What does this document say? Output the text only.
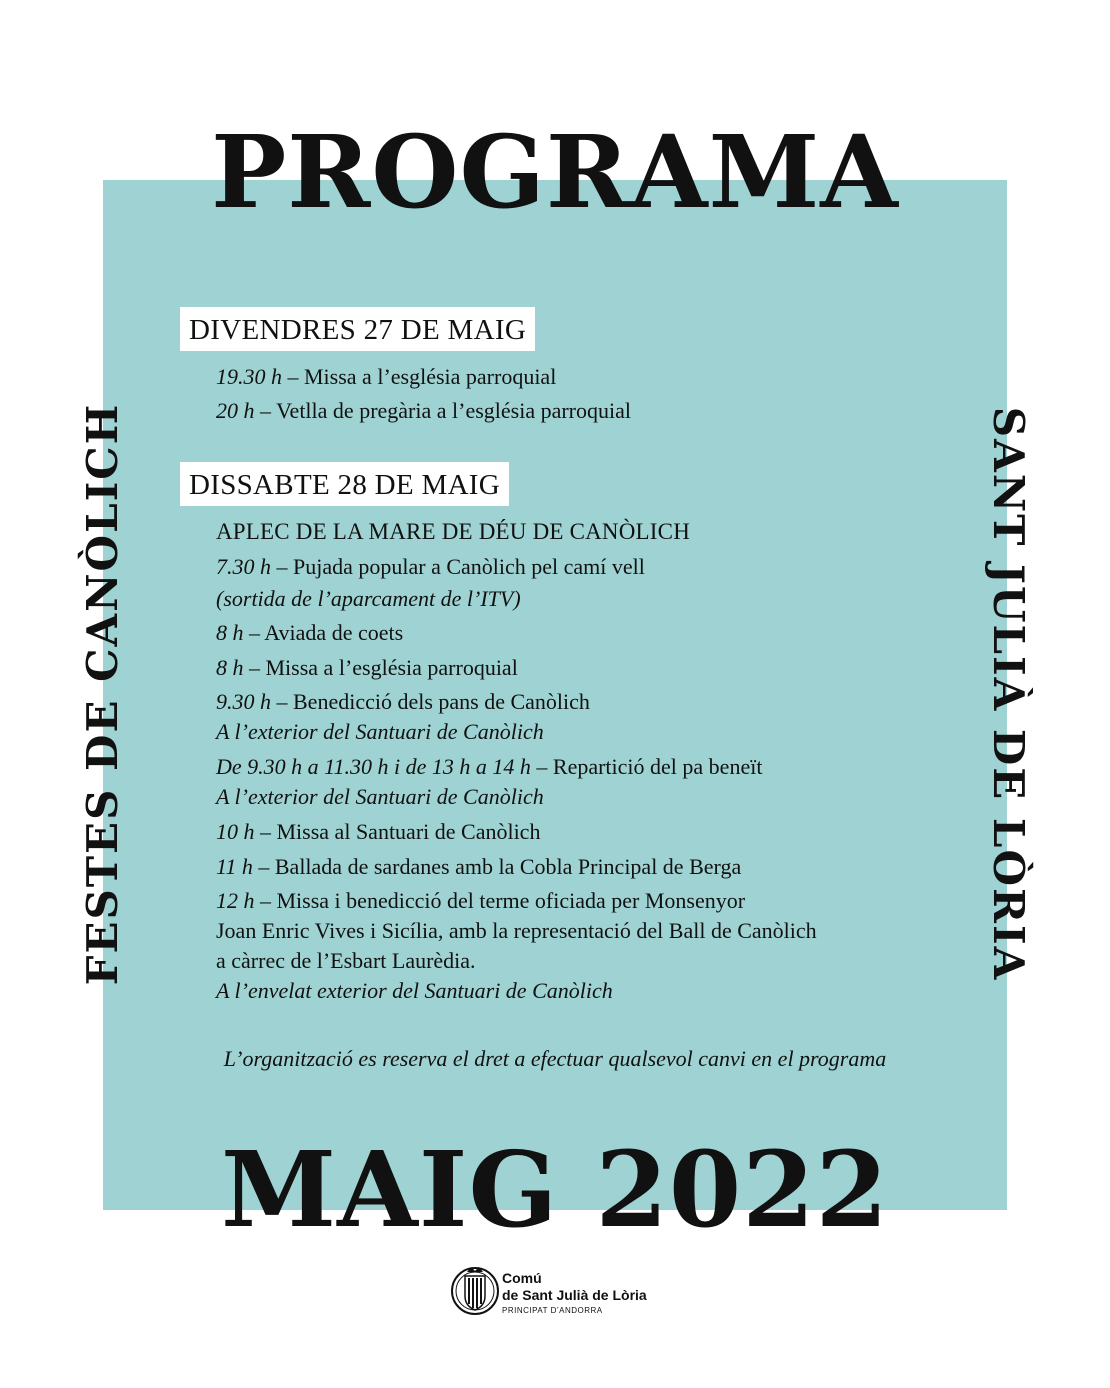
PROGRAMA
FESTES DE CANÒLICH	SANT JULIÀ DE LÒRIA
DIVENDRES 27 DE MAIG
19.30 h – Missa a l’església parroquial
20 h – Vetlla de pregària a l’església parroquial
DISSABTE 28 DE MAIG
APLEC DE LA MARE DE DÉU DE CANÒLICH
7.30 h – Pujada popular a Canòlich pel camí vell
(sortida de l’aparcament de l’ITV)
8 h – Aviada de coets
8 h – Missa a l’església parroquial
9.30 h – Benedicció dels pans de Canòlich
A l’exterior del Santuari de Canòlich
De 9.30 h a 11.30 h i de 13 h a 14 h – Repartició del pa beneït
A l’exterior del Santuari de Canòlich
10 h – Missa al Santuari de Canòlich
11 h – Ballada de sardanes amb la Cobla Principal de Berga
12 h – Missa i benedicció del terme oficiada per Monsenyor
Joan Enric Vives i Sicília, amb la representació del Ball de Canòlich
a càrrec de l’Esbart Laurèdia.
A l’envelat exterior del Santuari de Canòlich
L’organització es reserva el dret a efectuar qualsevol canvi en el programa
MAIG 2022
Comú
de Sant Julià de Lòria
PRINCIPAT D’ANDORRA
